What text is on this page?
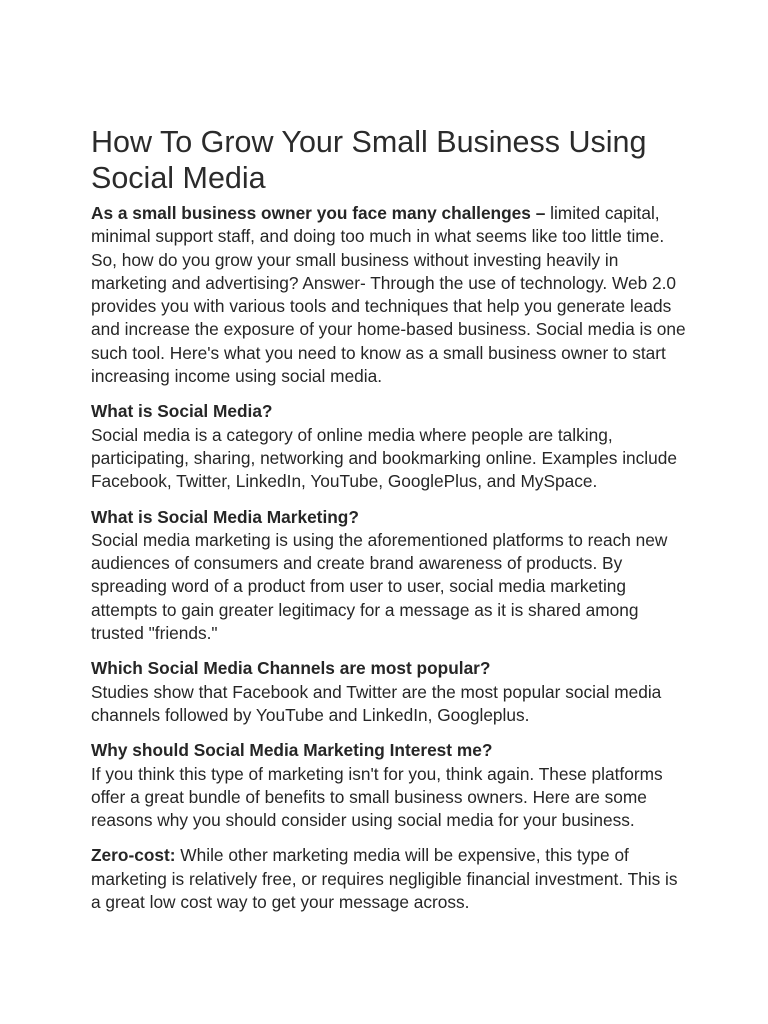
How To Grow Your Small Business Using Social Media

As a small business owner you face many challenges – limited capital, minimal support staff, and doing too much in what seems like too little time. So, how do you grow your small business without investing heavily in marketing and advertising? Answer- Through the use of technology. Web 2.0 provides you with various tools and techniques that help you generate leads and increase the exposure of your home-based business. Social media is one such tool. Here's what you need to know as a small business owner to start increasing income using social media.

What is Social Media?
Social media is a category of online media where people are talking, participating, sharing, networking and bookmarking online. Examples include Facebook, Twitter, LinkedIn, YouTube, GooglePlus, and MySpace.

What is Social Media Marketing?
Social media marketing is using the aforementioned platforms to reach new audiences of consumers and create brand awareness of products. By spreading word of a product from user to user, social media marketing attempts to gain greater legitimacy for a message as it is shared among trusted "friends."

Which Social Media Channels are most popular?
Studies show that Facebook and Twitter are the most popular social media channels followed by YouTube and LinkedIn, Googleplus.

Why should Social Media Marketing Interest me?
If you think this type of marketing isn't for you, think again. These platforms offer a great bundle of benefits to small business owners. Here are some reasons why you should consider using social media for your business.

Zero-cost: While other marketing media will be expensive, this type of marketing is relatively free, or requires negligible financial investment. This is a great low cost way to get your message across.
